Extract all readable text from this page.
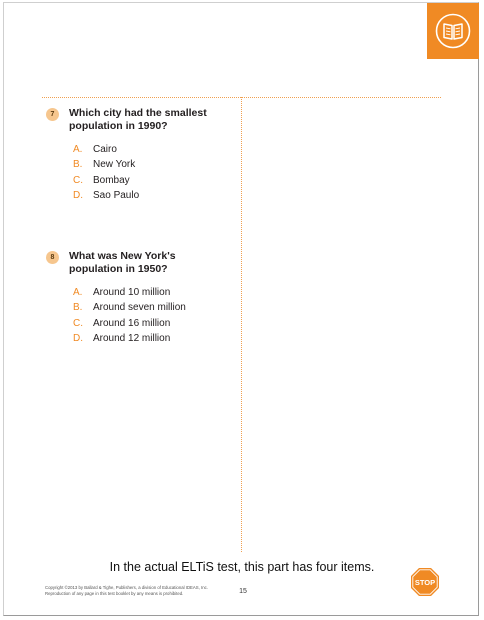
7	Which city had the smallest population in 1990?
A. Cairo
B. New York
C. Bombay
D. Sao Paulo
8	What was New York's population in 1950?
A. Around 10 million
B. Around seven million
C. Around 16 million
D. Around 12 million
In the actual ELTiS test, this part has four items.
Copyright ©2013 by Ballard & Tighe, Publishers, a division of Educational IDEAS, Inc.
Reproduction of any page in this test booklet by any means is prohibited.	15
STOP
